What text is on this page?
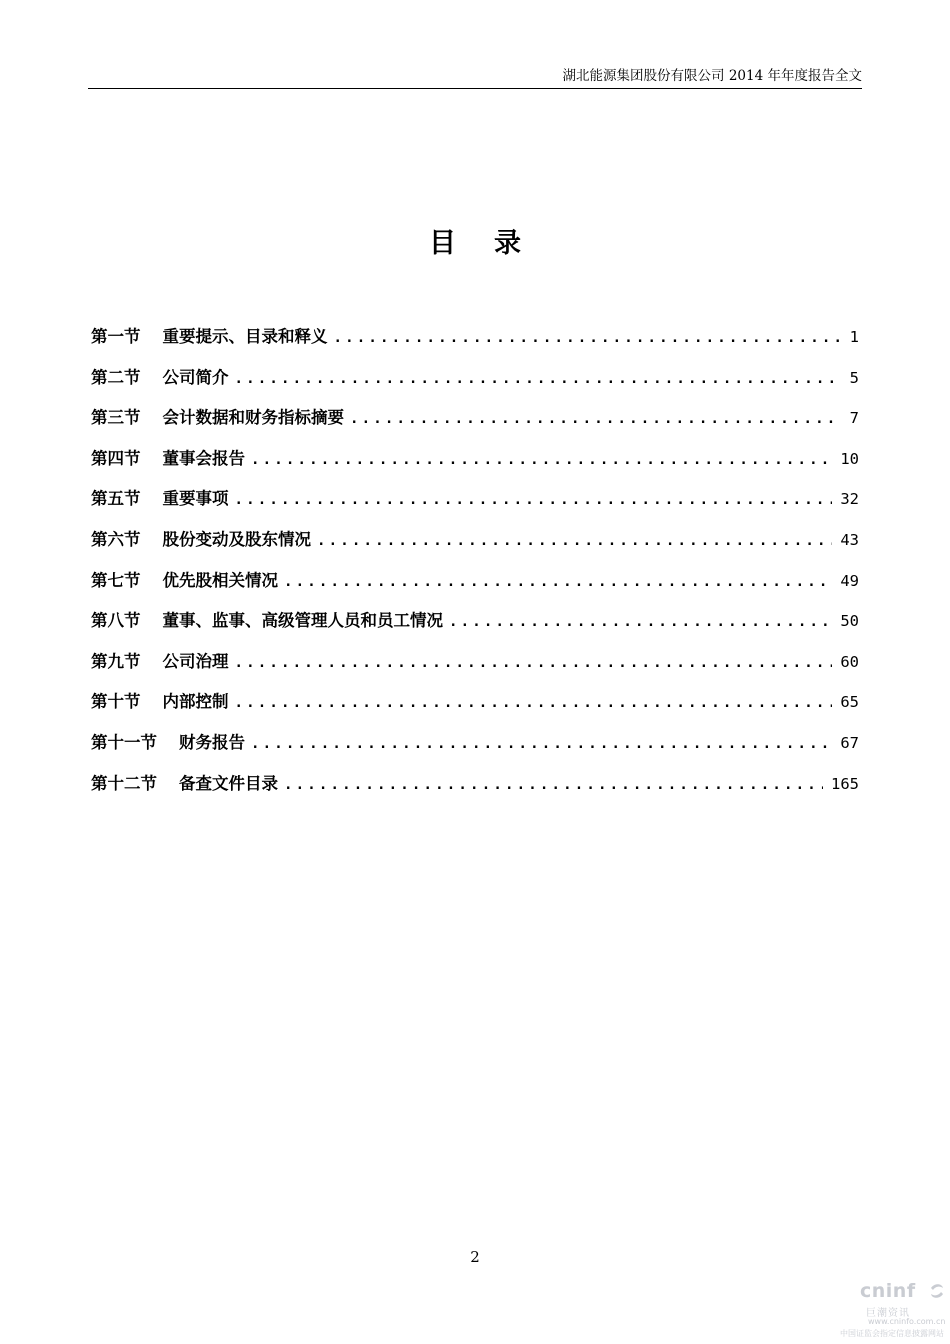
湖北能源集团股份有限公司 2014 年年度报告全文
目录
第一节 重要提示、目录和释义 .....	1
第二节 公司简介 .....	5
第三节 会计数据和财务指标摘要 .....	7
第四节 董事会报告 .....	10
第五节 重要事项 .....	32
第六节 股份变动及股东情况 .....	43
第七节 优先股相关情况 .....	49
第八节 董事、监事、高级管理人员和员工情况 .....	50
第九节 公司治理 .....	60
第十节 内部控制 .....	65
第十一节 财务报告 .....	67
第十二节 备查文件目录 .....	165
2
cninf
巨潮资讯
www.cninfo.com.cn
中国证监会指定信息披露网站
